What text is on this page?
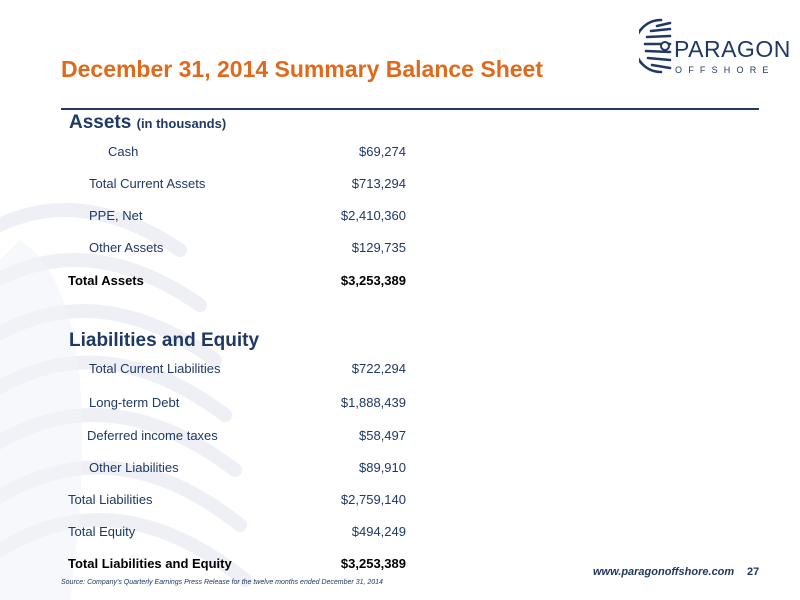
December 31, 2014 Summary Balance Sheet
PARAGON
OFFSHORE
Assets (in thousands)
Cash	$69,274
Total Current Assets	$713,294
PPE, Net	$2,410,360
Other Assets	$129,735
Total Assets	$3,253,389
Liabilities and Equity
Total Current Liabilities	$722,294
Long-term Debt	$1,888,439
Deferred income taxes	$58,497
Other Liabilities	$89,910
Total Liabilities	$2,759,140
Total Equity	$494,249
Total Liabilities and Equity	$3,253,389
Source: Company's Quarterly Earnings Press Release for the twelve months ended December 31, 2014
www.paragonoffshore.com 27
